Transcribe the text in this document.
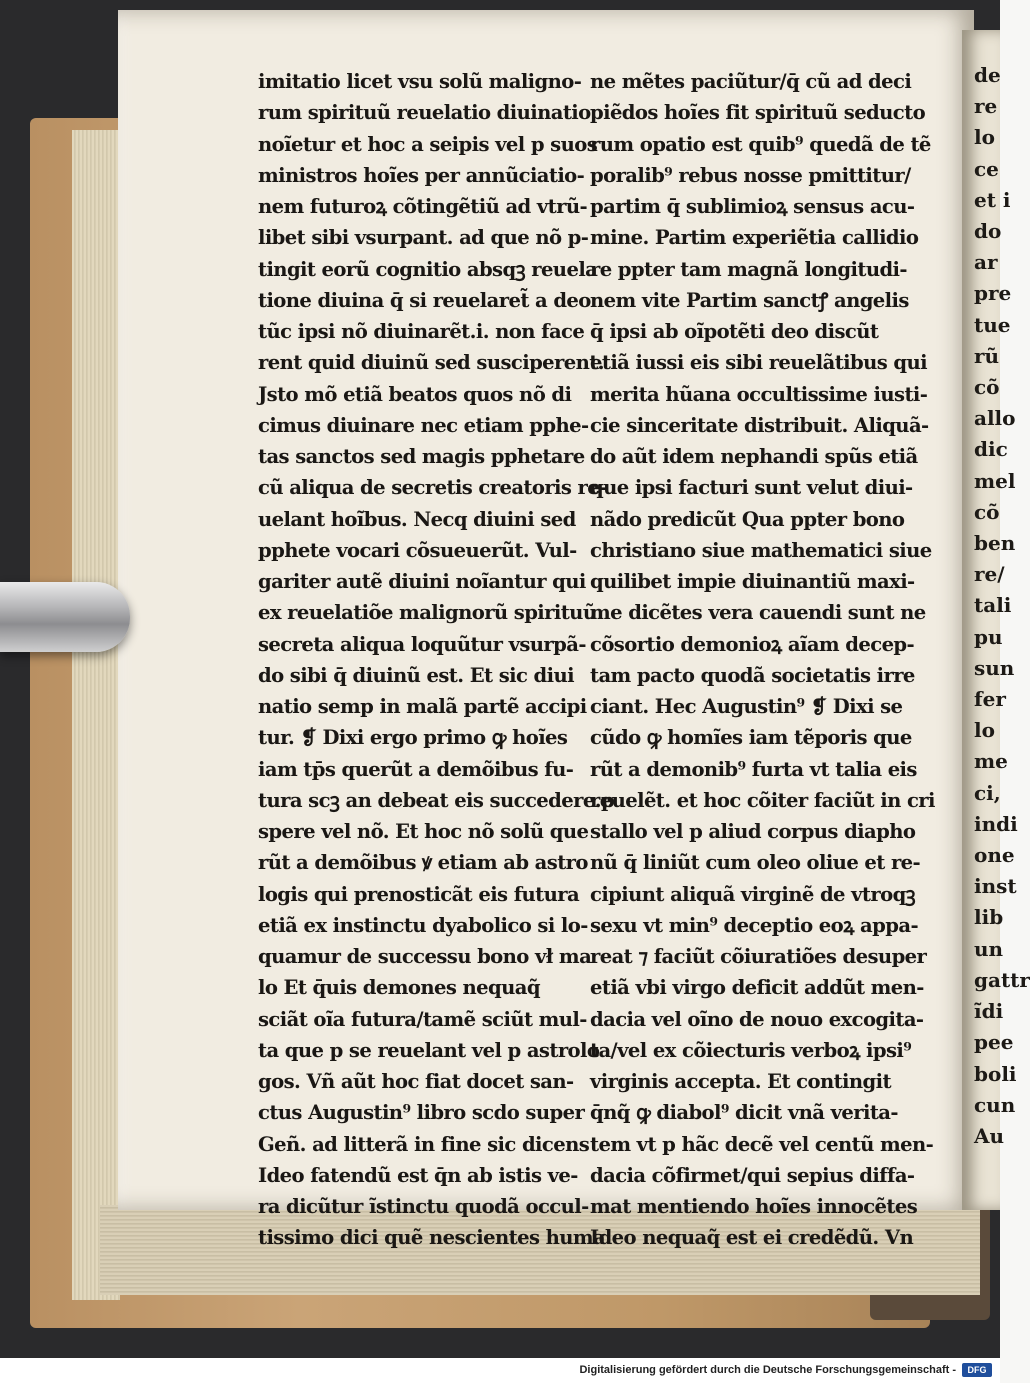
de
re
lo
ce
et i
do
ar
pre
tue
rũ
cõ
allo
dic
mel
cõ
ben
re/
tali
pu
sun
fer
lo
me
ci,
indi
one
inst
lib
un
gattr
ĩdi
pee
boli
cun
Au
imitatio licet vsu solũ maligno-
rum spirituũ reuelatio diuinatio
noĩetur et hoc a seipis vel p suos
ministros hoĩes per annũciatio-
nem futuroꝝ cõtingẽtiũ ad vtrũ-
libet sibi vsurpant. ad que nõ p-
tingit eorũ cognitio absqꝫ reuela
tione diuina q̄ si reuelaret̃ a deo
tũc ipsi nõ diuinarẽt.i. non face
rent quid diuinũ sed susciperent.
Jsto mõ etiã beatos quos nõ di
cimus diuinare nec etiam pphe-
tas sanctos sed magis pphetare
cũ aliqua de secretis creatoris re-
uelant hoĩbus. Necq diuini sed
pphete vocari cõsueuerũt. Vul-
gariter autẽ diuini noĩantur qui
ex reuelatiõe malignorũ spirituũ
secreta aliqua loquũtur vsurpã-
do sibi q̄ diuinũ est. Et sic diui
natio semp in malã partẽ accipi
tur. ❡ Dixi ergo primo ꝙ hoĩes
iam tp̄s querũt a demõibus fu-
tura scꝫ an debeat eis succedere.p
spere vel nõ. Et hoc nõ solũ que
rũt a demõibus ꝟ etiam ab astro
logis qui prenosticãt eis futura
etiã ex instinctu dyabolico si lo-
quamur de successu bono vł ma
lo Et q̄uis demones nequaq̃
sciãt oĩa futura/tamẽ sciũt mul-
ta que p se reuelant vel p astrolo
gos. Vñ aũt hoc fiat docet san-
ctus Augustin⁹ libro scdo super
Geñ. ad litterã in fine sic dicens
Ideo fatendũ est q̄n ab istis ve-
ra dicũtur ĩstinctu quodã occul-
tissimo dici quẽ nescientes huma
ne mẽtes paciũtur/q̄ cũ ad deci
piẽdos hoĩes fit spirituũ seducto
rum opatio est quib⁹ quedã de tẽ
poralib⁹ rebus nosse pmittitur/
partim q̄ sublimioꝝ sensus acu-
mine. Partim experiẽtia callidio
re ppter tam magnã longitudi-
nem vite Partim sanctꝭ angelis
q̄ ipsi ab oĩpotẽti deo discũt
etiã iussi eis sibi reuelãtibus qui
merita hũana occultissime iusti-
cie sinceritate distribuit. Aliquã-
do aũt idem nephandi spũs etiã
que ipsi facturi sunt velut diui-
nãdo predicũt Qua ppter bono
christiano siue mathematici siue
quilibet impie diuinantiũ maxi-
me dicẽtes vera cauendi sunt ne
cõsortio demonioꝝ aĩam decep-
tam pacto quodã societatis irre
ciant. Hec Augustin⁹ ❡ Dixi se
cũdo ꝙ homĩes iam tẽporis que
rũt a demonib⁹ furta vt talia eis
reuelẽt. et hoc cõiter faciũt in cri
stallo vel p aliud corpus diapho
nũ q̄ liniũt cum oleo oliue et re-
cipiunt aliquã virginẽ de vtroqꝫ
sexu vt min⁹ deceptio eoꝝ appa-
reat ⁊ faciũt cõiuratiões desuper
etiã vbi virgo deficit addũt men-
dacia vel oĩno de nouo excogita-
ta/vel ex cõiecturis verboꝝ ipsi⁹
virginis accepta. Et contingit
q̄nq̃ ꝙ diabol⁹ dicit vnã verita-
tem vt p hãc decẽ vel centũ men-
dacia cõfirmet/qui sepius diffa-
mat mentiendo hoĩes innocẽtes
Ideo nequaq̃ est ei credẽdũ. Vn
Digitalisierung gefördert durch die Deutsche Forschungsgemeinschaft -	DFG
